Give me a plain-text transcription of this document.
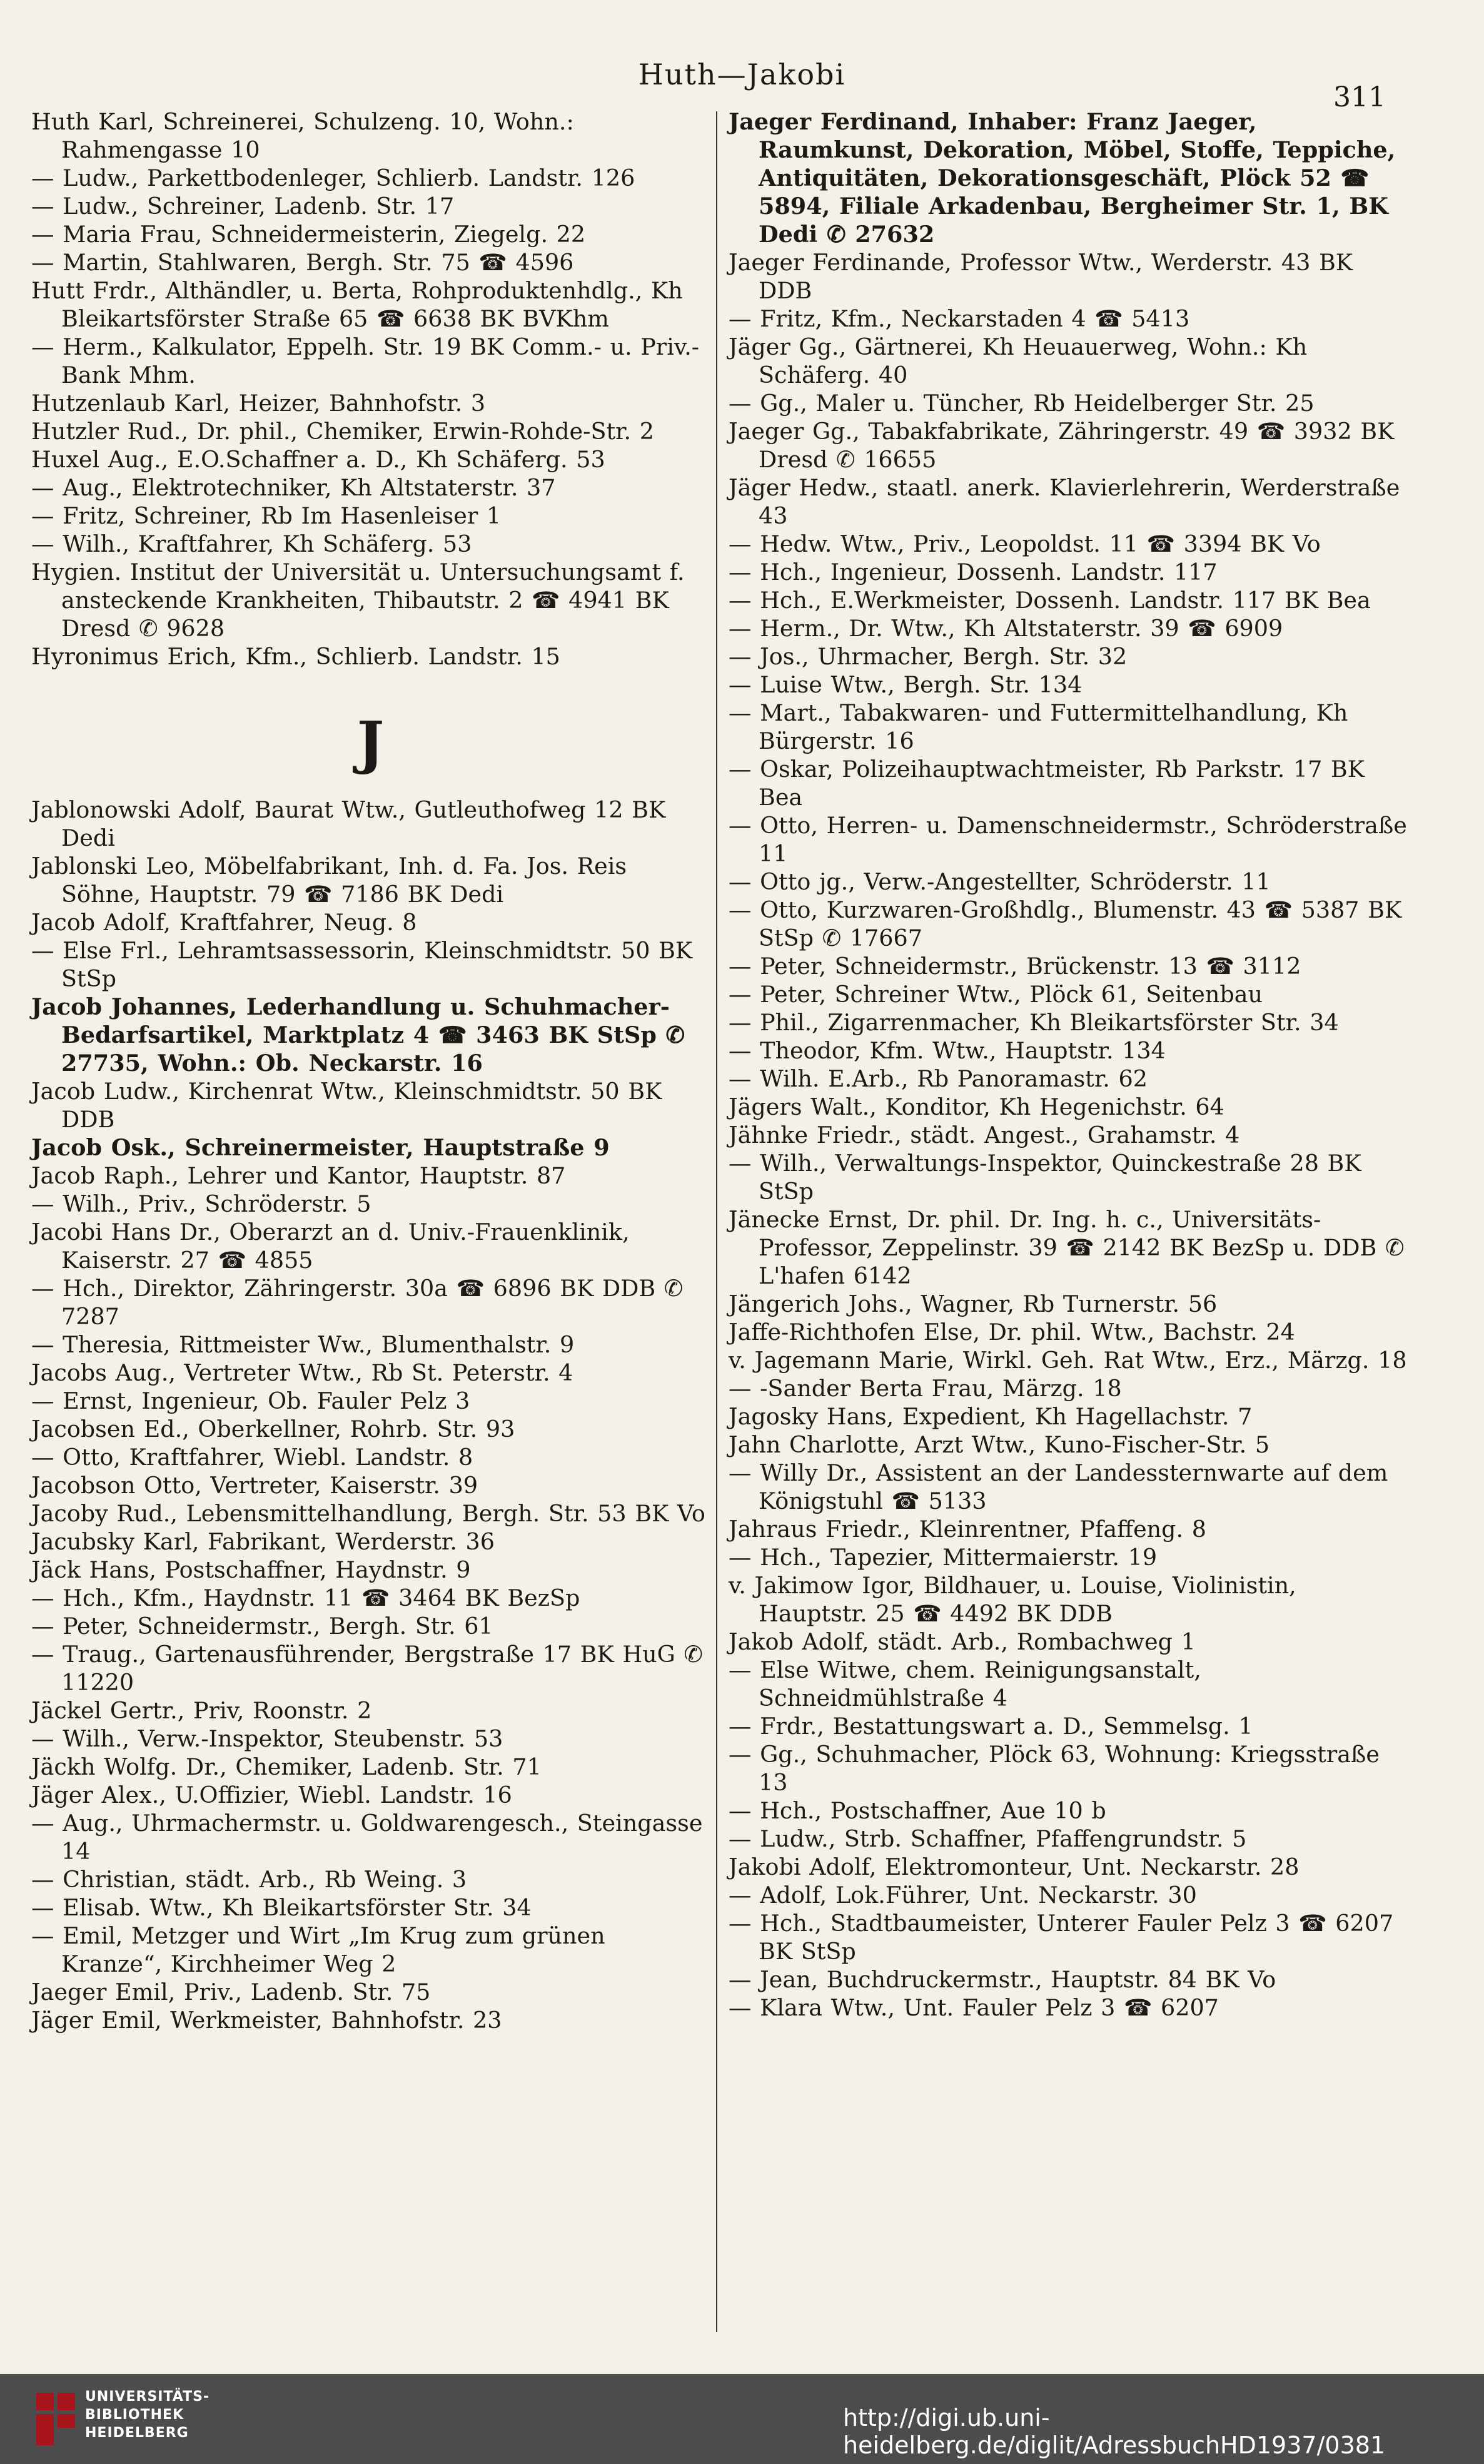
Huth—Jakobi
311

Huth Karl, Schreinerei, Schulzeng. 10, Wohn.: Rahmengasse 10

— Ludw., Parkettbodenleger, Schlierb. Landstr. 126

— Ludw., Schreiner, Ladenb. Str. 17

— Maria Frau, Schneidermeisterin, Ziegelg. 22

— Martin, Stahlwaren, Bergh. Str. 75 ☎ 4596

Hutt Frdr., Althändler, u. Berta, Rohproduktenhdlg., Kh Bleikartsförster Straße 65 ☎ 6638 BK BVKhm

— Herm., Kalkulator, Eppelh. Str. 19 BK Comm.- u. Priv.-Bank Mhm.

Hutzenlaub Karl, Heizer, Bahnhofstr. 3

Hutzler Rud., Dr. phil., Chemiker, Erwin-Rohde-Str. 2

Huxel Aug., E.O.Schaffner a. D., Kh Schäferg. 53

— Aug., Elektrotechniker, Kh Altstaterstr. 37

— Fritz, Schreiner, Rb Im Hasenleiser 1

— Wilh., Kraftfahrer, Kh Schäferg. 53

Hygien. Institut der Universität u. Untersuchungsamt f. ansteckende Krankheiten, Thibautstr. 2 ☎ 4941 BK Dresd ✆ 9628

Hyronimus Erich, Kfm., Schlierb. Landstr. 15

J

Jablonowski Adolf, Baurat Wtw., Gutleuthofweg 12 BK Dedi

Jablonski Leo, Möbelfabrikant, Inh. d. Fa. Jos. Reis Söhne, Hauptstr. 79 ☎ 7186 BK Dedi

Jacob Adolf, Kraftfahrer, Neug. 8

— Else Frl., Lehramtsassessorin, Kleinschmidtstr. 50 BK StSp

Jacob Johannes, Lederhandlung u. Schuhmacher-Bedarfsartikel, Marktplatz 4 ☎ 3463 BK StSp ✆ 27735, Wohn.: Ob. Neckarstr. 16

Jacob Ludw., Kirchenrat Wtw., Kleinschmidtstr. 50 BK DDB

Jacob Osk., Schreinermeister, Hauptstraße 9

Jacob Raph., Lehrer und Kantor, Hauptstr. 87

— Wilh., Priv., Schröderstr. 5

Jacobi Hans Dr., Oberarzt an d. Univ.-Frauenklinik, Kaiserstr. 27 ☎ 4855

— Hch., Direktor, Zähringerstr. 30a ☎ 6896 BK DDB ✆ 7287

— Theresia, Rittmeister Ww., Blumenthalstr. 9

Jacobs Aug., Vertreter Wtw., Rb St. Peterstr. 4

— Ernst, Ingenieur, Ob. Fauler Pelz 3

Jacobsen Ed., Oberkellner, Rohrb. Str. 93

— Otto, Kraftfahrer, Wiebl. Landstr. 8

Jacobson Otto, Vertreter, Kaiserstr. 39

Jacoby Rud., Lebensmittelhandlung, Bergh. Str. 53 BK Vo

Jacubsky Karl, Fabrikant, Werderstr. 36

Jäck Hans, Postschaffner, Haydnstr. 9

— Hch., Kfm., Haydnstr. 11 ☎ 3464 BK BezSp

— Peter, Schneidermstr., Bergh. Str. 61

— Traug., Gartenausführender, Bergstraße 17 BK HuG ✆ 11220

Jäckel Gertr., Priv, Roonstr. 2

— Wilh., Verw.-Inspektor, Steubenstr. 53

Jäckh Wolfg. Dr., Chemiker, Ladenb. Str. 71

Jäger Alex., U.Offizier, Wiebl. Landstr. 16

— Aug., Uhrmachermstr. u. Goldwarengesch., Steingasse 14

— Christian, städt. Arb., Rb Weing. 3

— Elisab. Wtw., Kh Bleikartsförster Str. 34

— Emil, Metzger und Wirt „Im Krug zum grünen Kranze“, Kirchheimer Weg 2

Jaeger Emil, Priv., Ladenb. Str. 75

Jäger Emil, Werkmeister, Bahnhofstr. 23

Jaeger Ferdinand, Inhaber: Franz Jaeger, Raumkunst, Dekoration, Möbel, Stoffe, Teppiche, Antiquitäten, Dekorationsgeschäft, Plöck 52 ☎ 5894, Filiale Arkadenbau, Bergheimer Str. 1, BK Dedi ✆ 27632

Jaeger Ferdinande, Professor Wtw., Werderstr. 43 BK DDB

— Fritz, Kfm., Neckarstaden 4 ☎ 5413

Jäger Gg., Gärtnerei, Kh Heuauerweg, Wohn.: Kh Schäferg. 40

— Gg., Maler u. Tüncher, Rb Heidelberger Str. 25

Jaeger Gg., Tabakfabrikate, Zähringerstr. 49 ☎ 3932 BK Dresd ✆ 16655

Jäger Hedw., staatl. anerk. Klavierlehrerin, Werderstraße 43

— Hedw. Wtw., Priv., Leopoldst. 11 ☎ 3394 BK Vo

— Hch., Ingenieur, Dossenh. Landstr. 117

— Hch., E.Werkmeister, Dossenh. Landstr. 117 BK Bea

— Herm., Dr. Wtw., Kh Altstaterstr. 39 ☎ 6909

— Jos., Uhrmacher, Bergh. Str. 32

— Luise Wtw., Bergh. Str. 134

— Mart., Tabakwaren- und Futtermittelhandlung, Kh Bürgerstr. 16

— Oskar, Polizeihauptwachtmeister, Rb Parkstr. 17 BK Bea

— Otto, Herren- u. Damenschneidermstr., Schröderstraße 11

— Otto jg., Verw.-Angestellter, Schröderstr. 11

— Otto, Kurzwaren-Großhdlg., Blumenstr. 43 ☎ 5387 BK StSp ✆ 17667

— Peter, Schneidermstr., Brückenstr. 13 ☎ 3112

— Peter, Schreiner Wtw., Plöck 61, Seitenbau

— Phil., Zigarrenmacher, Kh Bleikartsförster Str. 34

— Theodor, Kfm. Wtw., Hauptstr. 134

— Wilh. E.Arb., Rb Panoramastr. 62

Jägers Walt., Konditor, Kh Hegenichstr. 64

Jähnke Friedr., städt. Angest., Grahamstr. 4

— Wilh., Verwaltungs-Inspektor, Quinckestraße 28 BK StSp

Jänecke Ernst, Dr. phil. Dr. Ing. h. c., Universitäts-Professor, Zeppelinstr. 39 ☎ 2142 BK BezSp u. DDB ✆ L'hafen 6142

Jängerich Johs., Wagner, Rb Turnerstr. 56

Jaffe-Richthofen Else, Dr. phil. Wtw., Bachstr. 24

v. Jagemann Marie, Wirkl. Geh. Rat Wtw., Erz., Märzg. 18

— -Sander Berta Frau, Märzg. 18

Jagosky Hans, Expedient, Kh Hagellachstr. 7

Jahn Charlotte, Arzt Wtw., Kuno-Fischer-Str. 5

— Willy Dr., Assistent an der Landessternwarte auf dem Königstuhl ☎ 5133

Jahraus Friedr., Kleinrentner, Pfaffeng. 8

— Hch., Tapezier, Mittermaierstr. 19

v. Jakimow Igor, Bildhauer, u. Louise, Violinistin, Hauptstr. 25 ☎ 4492 BK DDB

Jakob Adolf, städt. Arb., Rombachweg 1

— Else Witwe, chem. Reinigungsanstalt, Schneidmühlstraße 4

— Frdr., Bestattungswart a. D., Semmelsg. 1

— Gg., Schuhmacher, Plöck 63, Wohnung: Kriegsstraße 13

— Hch., Postschaffner, Aue 10 b

— Ludw., Strb. Schaffner, Pfaffengrundstr. 5

Jakobi Adolf, Elektromonteur, Unt. Neckarstr. 28

— Adolf, Lok.Führer, Unt. Neckarstr. 30

— Hch., Stadtbaumeister, Unterer Fauler Pelz 3 ☎ 6207 BK StSp

— Jean, Buchdruckermstr., Hauptstr. 84 BK Vo

— Klara Wtw., Unt. Fauler Pelz 3 ☎ 6207

UNIVERSITÄTS-
BIBLIOTHEK
HEIDELBERG
http://digi.ub.uni-heidelberg.de/diglit/AdressbuchHD1937/0381
